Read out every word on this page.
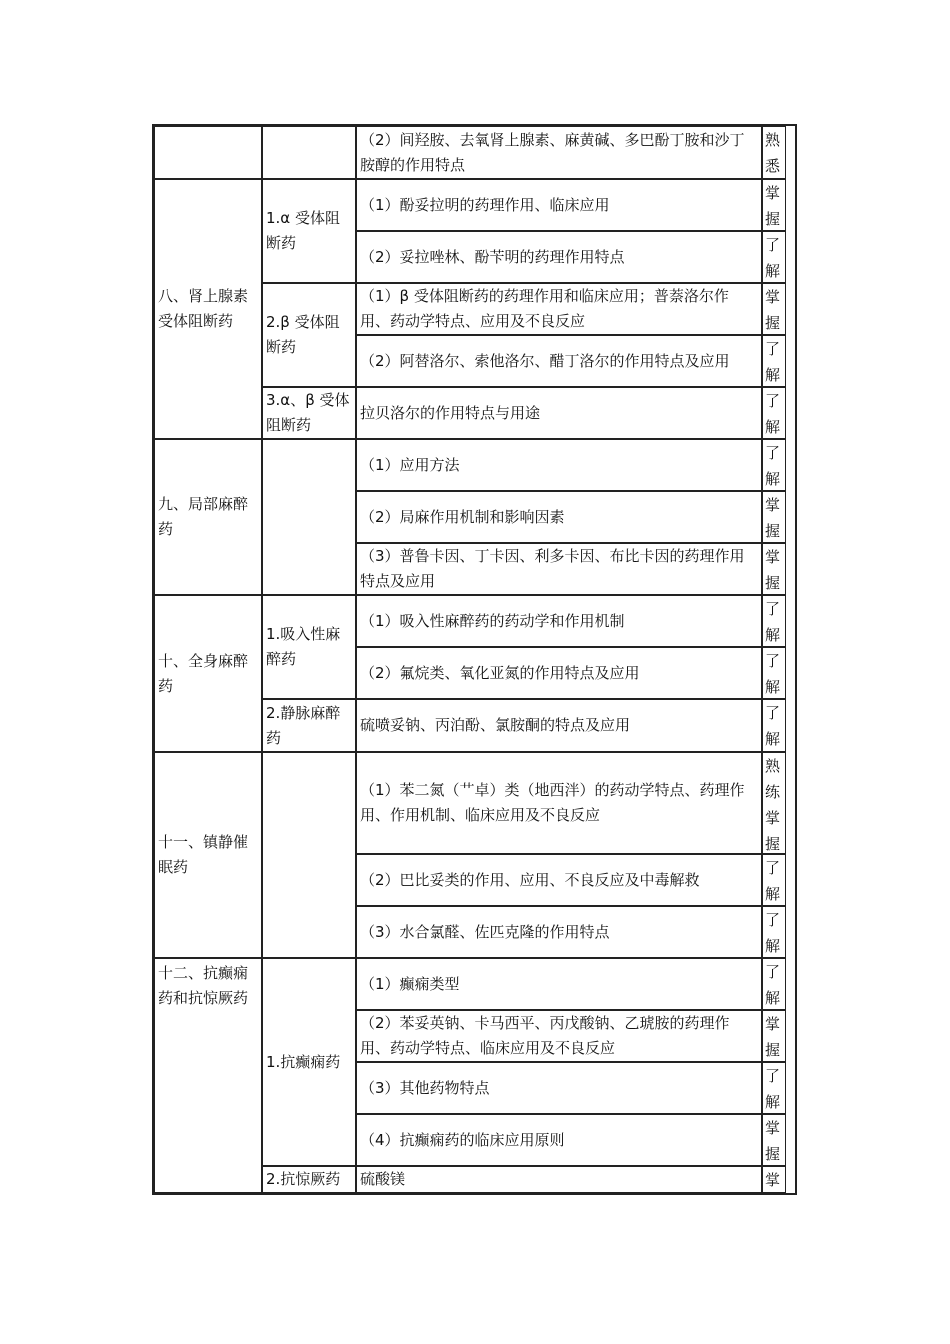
（2）间羟胺、去氧肾上腺素、麻黄碱、多巴酚丁胺和沙丁胺醇的作用特点
熟悉
八、肾上腺素受体阻断药
1.α 受体阻断药
（1）酚妥拉明的药理作用、临床应用
掌握
（2）妥拉唑林、酚苄明的药理作用特点
了解
2.β 受体阻断药
（1）β 受体阻断药的药理作用和临床应用；普萘洛尔作用、药动学特点、应用及不良反应
掌握
（2）阿替洛尔、索他洛尔、醋丁洛尔的作用特点及应用
了解
3.α、β 受体阻断药
拉贝洛尔的作用特点与用途
了解
九、局部麻醉药
（1）应用方法
了解
（2）局麻作用机制和影响因素
掌握
（3）普鲁卡因、丁卡因、利多卡因、布比卡因的药理作用特点及应用
掌握
十、全身麻醉药
1.吸入性麻醉药
（1）吸入性麻醉药的药动学和作用机制
了解
（2）氟烷类、氧化亚氮的作用特点及应用
了解
2.静脉麻醉药
硫喷妥钠、丙泊酚、氯胺酮的特点及应用
了解
十一、镇静催眠药
（1）苯二氮（艹卓）类（地西泮）的药动学特点、药理作用、作用机制、临床应用及不良反应
熟练掌握
（2）巴比妥类的作用、应用、不良反应及中毒解救
了解
（3）水合氯醛、佐匹克隆的作用特点
了解
十二、抗癫痫药和抗惊厥药
1.抗癫痫药
（1）癫痫类型
了解
（2）苯妥英钠、卡马西平、丙戊酸钠、乙琥胺的药理作用、药动学特点、临床应用及不良反应
掌握
（3）其他药物特点
了解
（4）抗癫痫药的临床应用原则
掌握
2.抗惊厥药 硫酸镁	掌
